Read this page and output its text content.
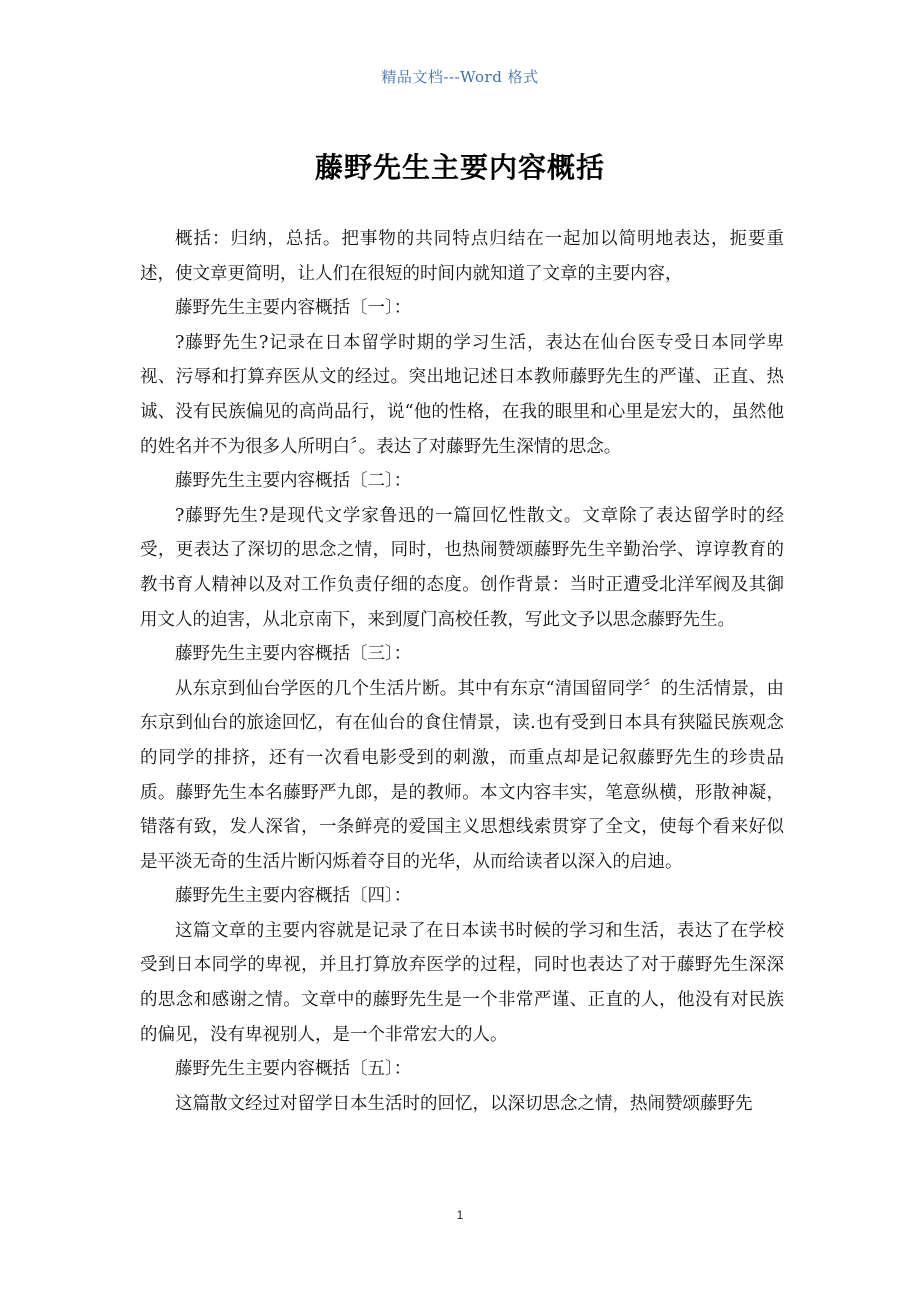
精品文档---Word 格式
藤野先生主要内容概括

概括：归纳，总括。把事物的共同特点归结在一起加以简明地表达，扼要重述，使文章更简明，让人们在很短的时间内就知道了文章的主要内容，

藤野先生主要内容概括〔一〕：

?藤野先生?记录在日本留学时期的学习生活，表达在仙台医专受日本同学卑视、污辱和打算弃医从文的经过。突出地记述日本教师藤野先生的严谨、正直、热诚、没有民族偏见的高尚品行，说“他的性格，在我的眼里和心里是宏大的，虽然他的姓名并不为很多人所明白〞。表达了对藤野先生深情的思念。

藤野先生主要内容概括〔二〕：

?藤野先生?是现代文学家鲁迅的一篇回忆性散文。文章除了表达留学时的经受，更表达了深切的思念之情，同时，也热闹赞颂藤野先生辛勤治学、谆谆教育的教书育人精神以及对工作负责仔细的态度。创作背景：当时正遭受北洋军阀及其御用文人的迫害，从北京南下，来到厦门高校任教，写此文予以思念藤野先生。

藤野先生主要内容概括〔三〕：

从东京到仙台学医的几个生活片断。其中有东京“清国留同学〞的生活情景，由东京到仙台的旅途回忆，有在仙台的食住情景，读.也有受到日本具有狭隘民族观念的同学的排挤，还有一次看电影受到的刺激，而重点却是记叙藤野先生的珍贵品质。藤野先生本名藤野严九郎，是的教师。本文内容丰实，笔意纵横，形散神凝，错落有致，发人深省，一条鲜亮的爱国主义思想线索贯穿了全文，使每个看来好似是平淡无奇的生活片断闪烁着夺目的光华，从而给读者以深入的启迪。

藤野先生主要内容概括〔四〕：

这篇文章的主要内容就是记录了在日本读书时候的学习和生活，表达了在学校受到日本同学的卑视，并且打算放弃医学的过程，同时也表达了对于藤野先生深深的思念和感谢之情。文章中的藤野先生是一个非常严谨、正直的人，他没有对民族的偏见，没有卑视别人，是一个非常宏大的人。

藤野先生主要内容概括〔五〕：

这篇散文经过对留学日本生活时的回忆，以深切思念之情，热闹赞颂藤野先

1
